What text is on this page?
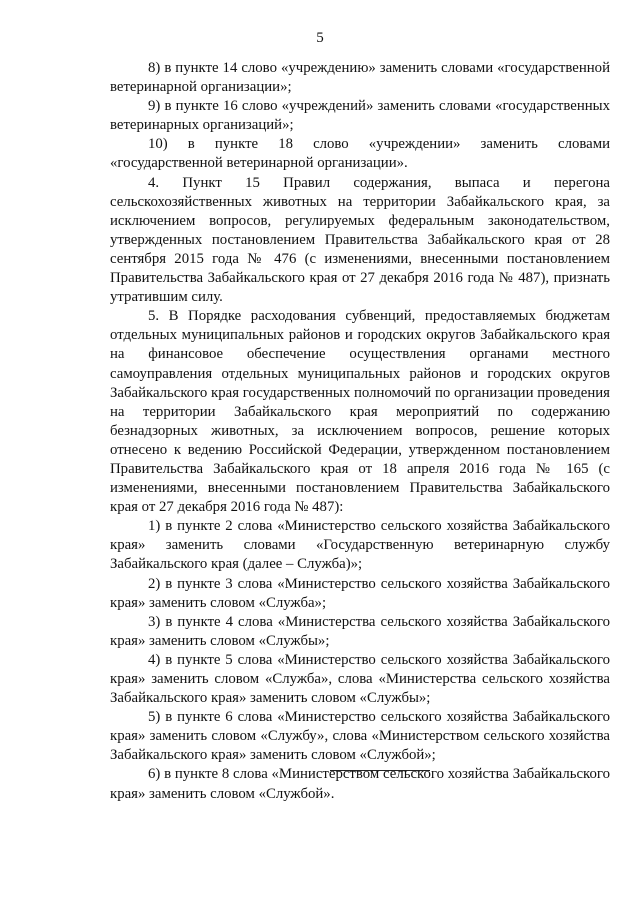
5

8) в пункте 14 слово «учреждению» заменить словами «государственной ветеринарной организации»;

9) в пункте 16 слово «учреждений» заменить словами «государственных ветеринарных организаций»;

10) в пункте 18 слово «учреждении» заменить словами «государственной ветеринарной организации».

4. Пункт 15 Правил содержания, выпаса и перегона сельскохозяйственных животных на территории Забайкальского края, за исключением вопросов, регулируемых федеральным законодательством, утвержденных постановлением Правительства Забайкальского края от 28 сентября 2015 года № 476 (с изменениями, внесенными постановлением Правительства Забайкальского края от 27 декабря 2016 года № 487), признать утратившим силу.

5. В Порядке расходования субвенций, предоставляемых бюджетам отдельных муниципальных районов и городских округов Забайкальского края на финансовое обеспечение осуществления органами местного самоуправления отдельных муниципальных районов и городских округов Забайкальского края государственных полномочий по организации проведения на территории Забайкальского края мероприятий по содержанию безнадзорных животных, за исключением вопросов, решение которых отнесено к ведению Российской Федерации, утвержденном постановлением Правительства Забайкальского края от 18 апреля 2016 года № 165 (с изменениями, внесенными постановлением Правительства Забайкальского края от 27 декабря 2016 года № 487):

1) в пункте 2 слова «Министерство сельского хозяйства Забайкальского края» заменить словами «Государственную ветеринарную службу Забайкальского края (далее – Служба)»;

2) в пункте 3 слова «Министерство сельского хозяйства Забайкальского края» заменить словом «Служба»;

3) в пункте 4 слова «Министерства сельского хозяйства Забайкальского края» заменить словом «Службы»;

4) в пункте 5 слова «Министерство сельского хозяйства Забайкальского края» заменить словом «Служба», слова «Министерства сельского хозяйства Забайкальского края» заменить словом «Службы»;

5) в пункте 6 слова «Министерство сельского хозяйства Забайкальского края» заменить словом «Службу», слова «Министерством сельского хозяйства Забайкальского края» заменить словом «Службой»;

6) в пункте 8 слова «Министерством сельского хозяйства Забайкальского края» заменить словом «Службой».
